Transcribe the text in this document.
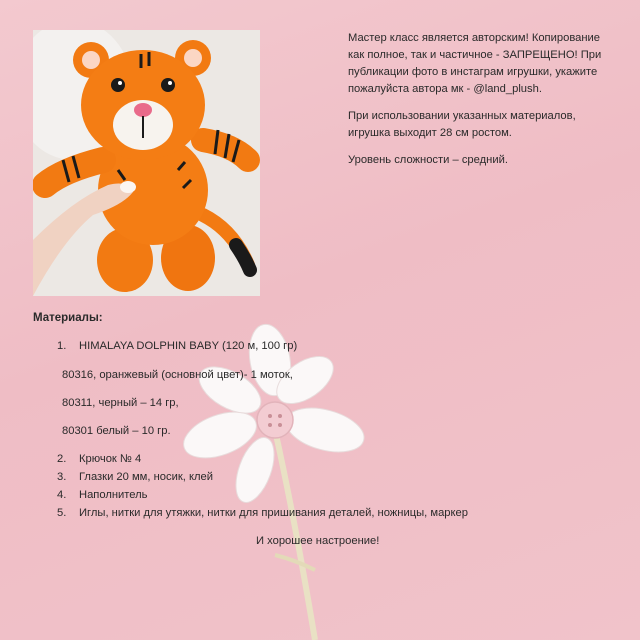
Мастер класс является авторским! Копирование как полное, так и частичное - ЗАПРЕЩЕНО! При публикации фото в инстаграм игрушки, укажите пожалуйста автора мк - @land_plush.

При использовании указанных материалов, игрушка выходит 28 см ростом.

Уровень сложности – средний.

Материалы:
1. HIMALAYA DOLPHIN BABY (120 м, 100 гр)
80316, оранжевый (основной цвет)- 1 моток,
80311, черный – 14 гр,
80301 белый – 10 гр.
2. Крючок № 4
3. Глазки 20 мм, носик, клей
4. Наполнитель
5. Иглы, нитки для утяжки, нитки для пришивания деталей, ножницы, маркер
И хорошее настроение!
